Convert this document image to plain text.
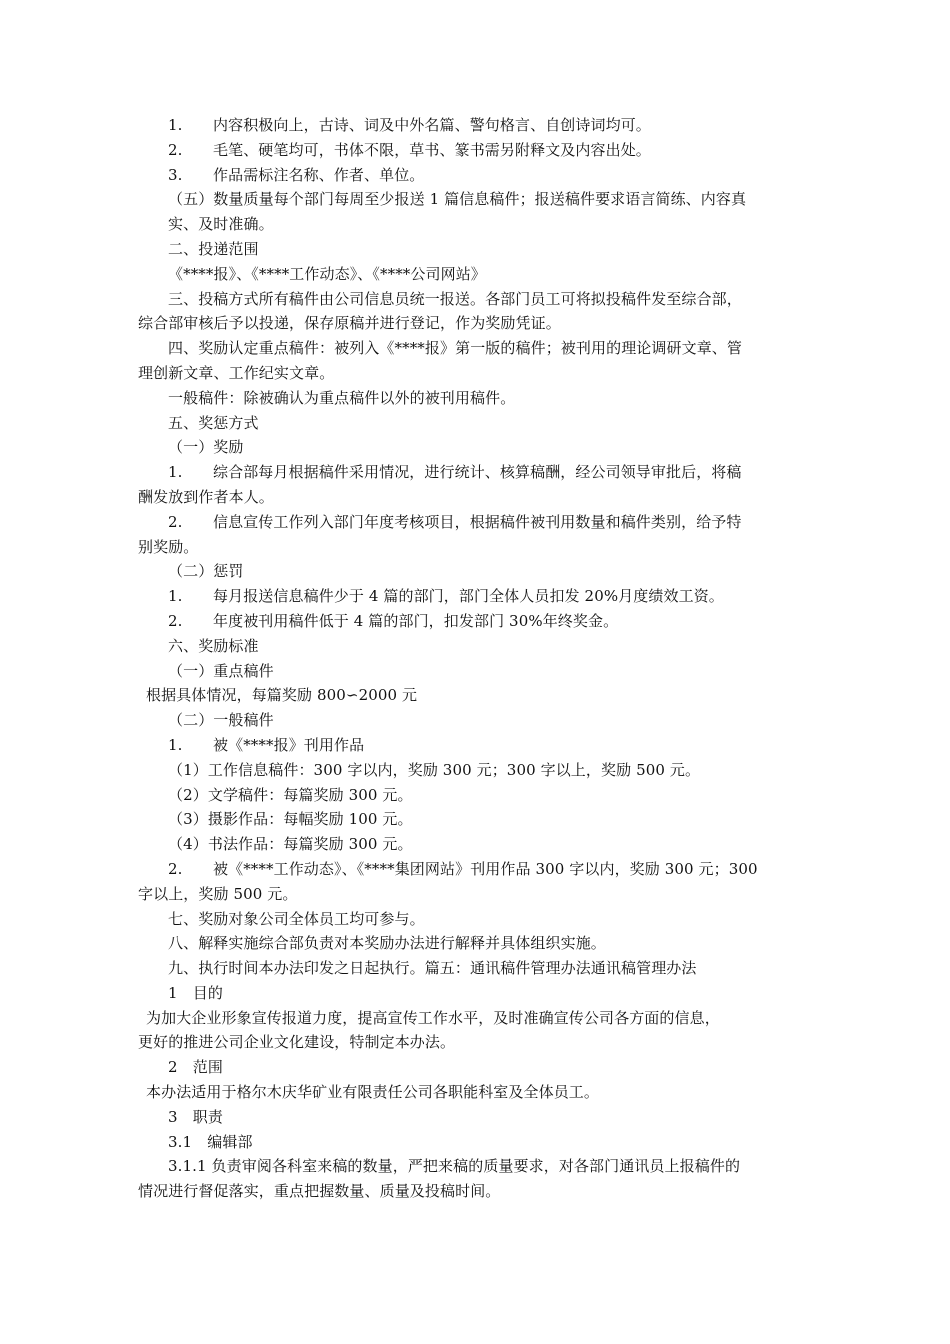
1. 内容积极向上，古诗、词及中外名篇、警句格言、自创诗词均可。
2. 毛笔、硬笔均可，书体不限，草书、篆书需另附释文及内容出处。
3. 作品需标注名称、作者、单位。
（五）数量质量每个部门每周至少报送 1 篇信息稿件；报送稿件要求语言简练、内容真
实、及时准确。
二、投递范围
《****报》、《****工作动态》、《****公司网站》
三、投稿方式所有稿件由公司信息员统一报送。各部门员工可将拟投稿件发至综合部，
综合部审核后予以投递，保存原稿并进行登记，作为奖励凭证。
四、奖励认定重点稿件：被列入《****报》第一版的稿件；被刊用的理论调研文章、管
理创新文章、工作纪实文章。
一般稿件：除被确认为重点稿件以外的被刊用稿件。
五、奖惩方式
（一）奖励
1. 综合部每月根据稿件采用情况，进行统计、核算稿酬，经公司领导审批后，将稿
酬发放到作者本人。
2. 信息宣传工作列入部门年度考核项目，根据稿件被刊用数量和稿件类别，给予特
别奖励。
（二）惩罚
1. 每月报送信息稿件少于 4 篇的部门，部门全体人员扣发 20%月度绩效工资。
2. 年度被刊用稿件低于 4 篇的部门，扣发部门 30%年终奖金。
六、奖励标准
（一）重点稿件
根据具体情况，每篇奖励 800∽2000 元
（二）一般稿件
1. 被《****报》刊用作品
（1）工作信息稿件：300 字以内，奖励 300 元；300 字以上，奖励 500 元。
（2）文学稿件：每篇奖励 300 元。
（3）摄影作品：每幅奖励 100 元。
（4）书法作品：每篇奖励 300 元。
2. 被《****工作动态》、《****集团网站》刊用作品 300 字以内，奖励 300 元；300
字以上，奖励 500 元。
七、奖励对象公司全体员工均可参与。
八、解释实施综合部负责对本奖励办法进行解释并具体组织实施。
九、执行时间本办法印发之日起执行。篇五：通讯稿件管理办法通讯稿管理办法
1　目的
为加大企业形象宣传报道力度，提高宣传工作水平，及时准确宣传公司各方面的信息，
更好的推进公司企业文化建设，特制定本办法。
2　范围
本办法适用于格尔木庆华矿业有限责任公司各职能科室及全体员工。
3　职责
3.1　编辑部
3.1.1 负责审阅各科室来稿的数量，严把来稿的质量要求，对各部门通讯员上报稿件的
情况进行督促落实，重点把握数量、质量及投稿时间。
